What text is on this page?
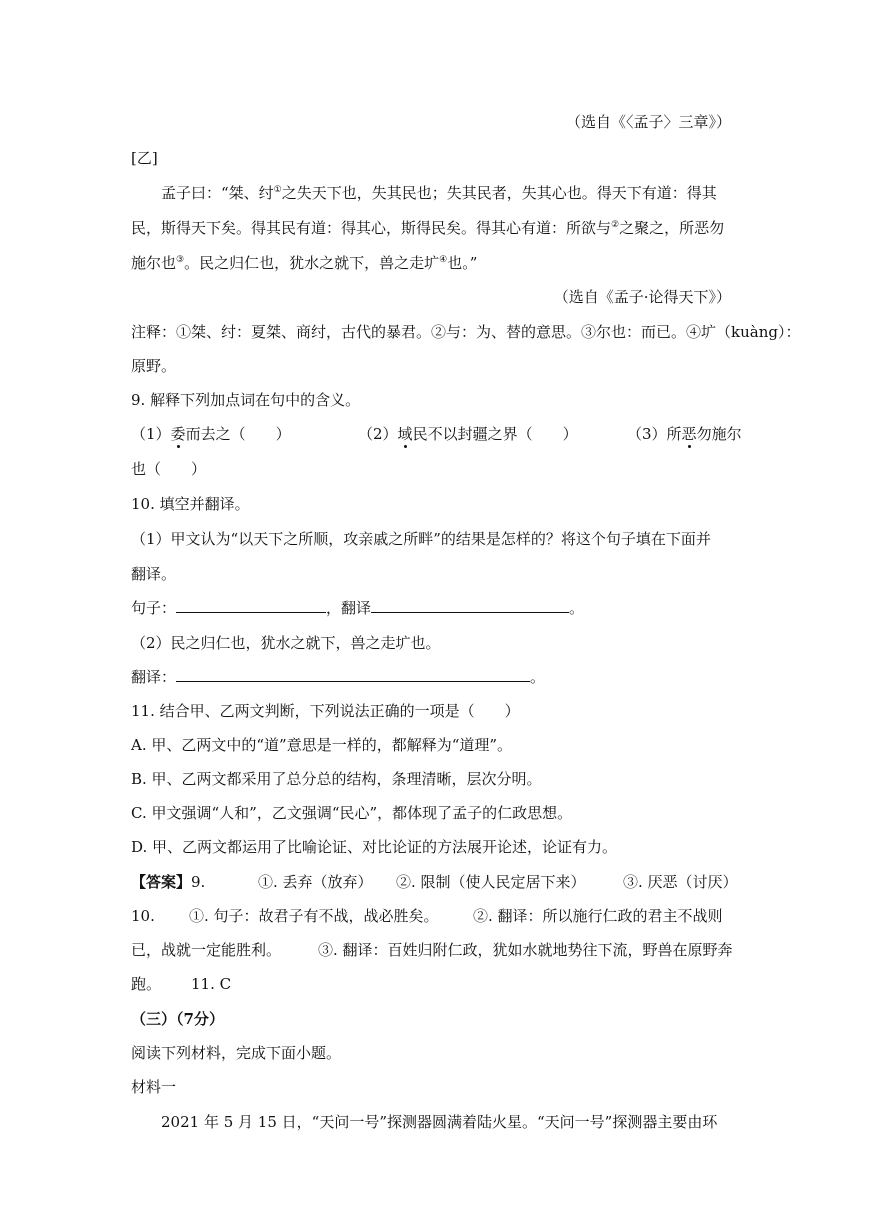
（选自《〈孟子〉三章》）
[乙]
孟子曰：“桀、纣①之失天下也，失其民也；失其民者，失其心也。得天下有道：得其
民，斯得天下矣。得其民有道：得其心，斯得民矣。得其心有道：所欲与②之聚之，所恶勿
施尔也③。民之归仁也，犹水之就下，兽之走圹④也。”
（选自《孟子·论得天下》）
注释：①桀、纣：夏桀、商纣，古代的暴君。②与：为、替的意思。③尔也：而已。④圹（kuàng）：
原野。
9. 解释下列加点词在句中的含义。
（1）委而去之（　　）	（2）域民不以封疆之界（　　）	（3）所恶勿施尔
也（　　）
10. 填空并翻译。
（1）甲文认为“以天下之所顺，攻亲戚之所畔”的结果是怎样的？将这个句子填在下面并
翻译。
句子：	，翻译	。
（2）民之归仁也，犹水之就下，兽之走圹也。
翻译：	。
11. 结合甲、乙两文判断，下列说法正确的一项是（　　）
A. 甲、乙两文中的“道”意思是一样的，都解释为“道理”。
B. 甲、乙两文都采用了总分总的结构，条理清晰，层次分明。
C. 甲文强调“人和”，乙文强调“民心”，都体现了孟子的仁政思想。
D. 甲、乙两文都运用了比喻论证、对比论证的方法展开论述，论证有力。
【答案】9.	①. 丢弃（放弃） ②. 限制（使人民定居下来） ③. 厌恶（讨厌）
10. ①. 句子：故君子有不战，战必胜矣。 ②. 翻译：所以施行仁政的君主不战则
已，战就一定能胜利。 ③. 翻译：百姓归附仁政，犹如水就地势往下流，野兽在原野奔
跑。 11. C
（三）（7分）
阅读下列材料，完成下面小题。
材料一
2021 年 5 月 15 日，“天问一号”探测器圆满着陆火星。“天问一号”探测器主要由环
